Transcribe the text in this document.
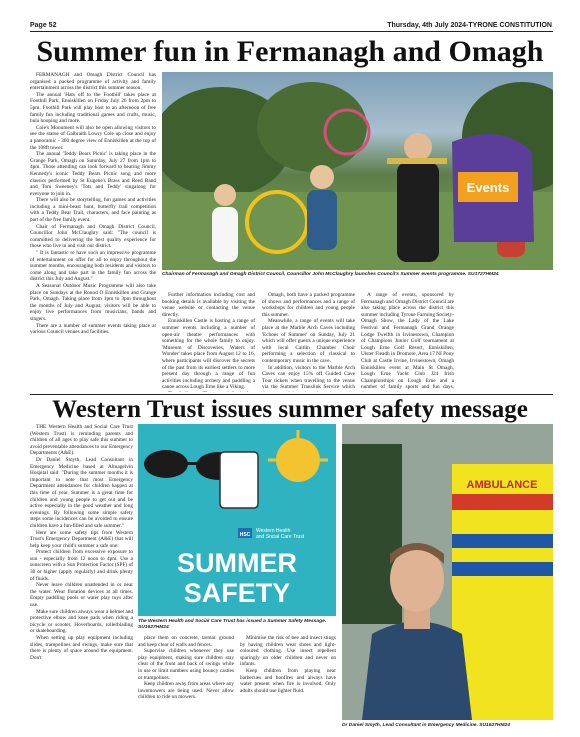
Page 52	Thursday, 4th July 2024-TYRONE CONSTITUTION
Summer fun in Fermanagh and Omagh

FERMANAGH and Omagh District Council has organised a packed programme of activity and family entertainment across the district this summer season.

The annual 'Hats off to the Foothill' takes place at Foothill Park, Enniskillen on Friday July 26 from 2pm to 5pm. Foothill Park will play host to an afternoon of free family fun including traditional games and crafts, music, hula hooping and more.

Cole's Monument will also be open allowing visitors to see the statue of Galbraith Lowry Cole up close and enjoy a panoramic - 360 degree view of Enniskillen at the top of the 108ft tower.

The annual 'Teddy Bears Picnic' is taking place in the Grange Park, Omagh on Saturday, July 27 from 1pm to 4pm. Those attending can look forward to hearing Jimmy Kennedy's iconic Teddy Bears Picnic song and more classics performed by St Eugene's Brass and Reed Band and Tom Sweeney's 'Tots and Teddy' singalong for everyone to join in.

There will also be storytelling, fun games and activities including a mini-beast hunt, butterfly trail competition with a Teddy Bear Trail, characters, and face painting as part of the free family event.

Chair of Fermanagh and Omagh District Council, Councillor John McClaughry said: "The council is committed to delivering the best quality experience for those who live in and visit our district.

" It is fantastic to have such an impressive programme of entertainment on offer for all to enjoy throughout the summer months, encouraging both residents and visitors to come along and take part in the family fun across the district this July and August."

A Seasonal Outdoor Music Programme will also take place on Sundays at the Round O Enniskillen and Grange Park, Omagh. Taking place from 1pm to 3pm throughout the months of July and August, visitors will be able to enjoy live performances from musicians, bands and singers.

There are a number of summer events taking place at various Council venues and facilities.

Events
Chairman of Fermanagh and Omagh District Council, Councillor John McClaughry launches Council's Summer events programme. SU1727HM24

Further information including cost and booking details is available by visiting the venue website or contacting the venue directly.

Enniskillen Castle is hosting a range of summer events including a number of open-air theatre performances with something for the whole family to enjoy. 'Museum of Discoveries, Waters of Wonder' takes place from August 12 to 16, where participants will discover the secrets of the past from its earliest settlers to more present day through a range of fun activities including archery and paddling a canoe across Lough Erne like a Viking.

Omagh, both have a packed programme of shows and performances and a range of workshops for children and young people this summer.

Meanwhile, a range of events will take place at the Marble Arch Caves including 'Echoes of Summer' on Sunday, July 21 which will offer guests a unique experience with local Caitlin Chamber Choir performing a selection of classical to contemporary music in the cave.

In addition, visitors to the Marble Arch Caves can enjoy 15% off Guided Cave Tour tickets when travelling to the venue via the Summer Translink Service which

A range of events, sponsored by Fermanagh and Omagh District Council are also taking place across the district this summer including Tyrone Farming Society-Omagh Show, the Lady of the Lake Festival and Fermanagh Grand Orange Lodge Twelfth in Irvinestown, Champion of Champions Junior Golf tournament at Lough Erne Golf Resort, Enniskillen, Ulster Fleadh in Dromore, Area 17 NI Pony Club at Castle Irvine, Irvinestown, Omagh Enniskillen event at Main St Omagh, Lough Erne Yacht Club J24 Irish Championships on Lough Erne and a number of family sports and fun days,

Western Trust issues summer safety message

THE Western Health and Social Care Trust (Western Trust) is reminding parents and children of all ages to play safe this summer to avoid preventable attendances to our Emergency Departments (A&E).

Dr Daniel Smyth, Lead Consultant in Emergency Medicine based at Altnagelvin Hospital said: "During the summer months it is important to note that most Emergency Department attendances for children happen at this time of year. Summer is a great time for children and young people to get out and be active especially in the good weather and long evenings. By following some simple safety steps some incidences can be avoided to ensure children have a fun-filled and safe summer."

Here are some safety tips from Western Trust's Emergency Department (A&E) that will help keep your child's summer a safe one:

Protect children from excessive exposure to sun - especially from 12 noon to 4pm. Use a sunscreen with a Sun Protection Factor (SPF) of 30 or higher (apply regularly) and drink plenty of fluids.

Never leave children unattended in or near the water. Wear flotation devices at all times. Empty paddling pools or water play toys after use.

Make sure children always wear a helmet and protective elbow and knee pads when riding a bicycle or scooter, Hoverboards, rollerblading or skateboarding.

When setting up play equipment including slides, trampolines and swings, make sure that there is plenty of space around the equipment. Don't

HSC
Western Health
and Social Care Trust
SUMMER
SAFETY
The Western Health and Social Care Trust has issued a Summer Safety Message. SU1627HM24

place them on concrete, tarmac ground and keep clear of walls and fences.

Supervise children whenever they use play equipment, making sure children stay clear of the front and back of swings while in use or limit numbers using bouncy castles or trampolines.

Keep children away from areas where any lawnmowers are being used. Never allow children to ride on mowers.

Minimise the risk of bee and insect stings by having children wear shoes and light-coloured clothing. Use insect repellent sparingly on older children and never on infants.

Keep children from playing near barbecues and bonfires and always have water present when fire is involved. Only adults should use lighter fluid.

AMBULANCE
Dr Daniel Smyth, Lead Consultant in Emergency Medicine. SU1627HM24
